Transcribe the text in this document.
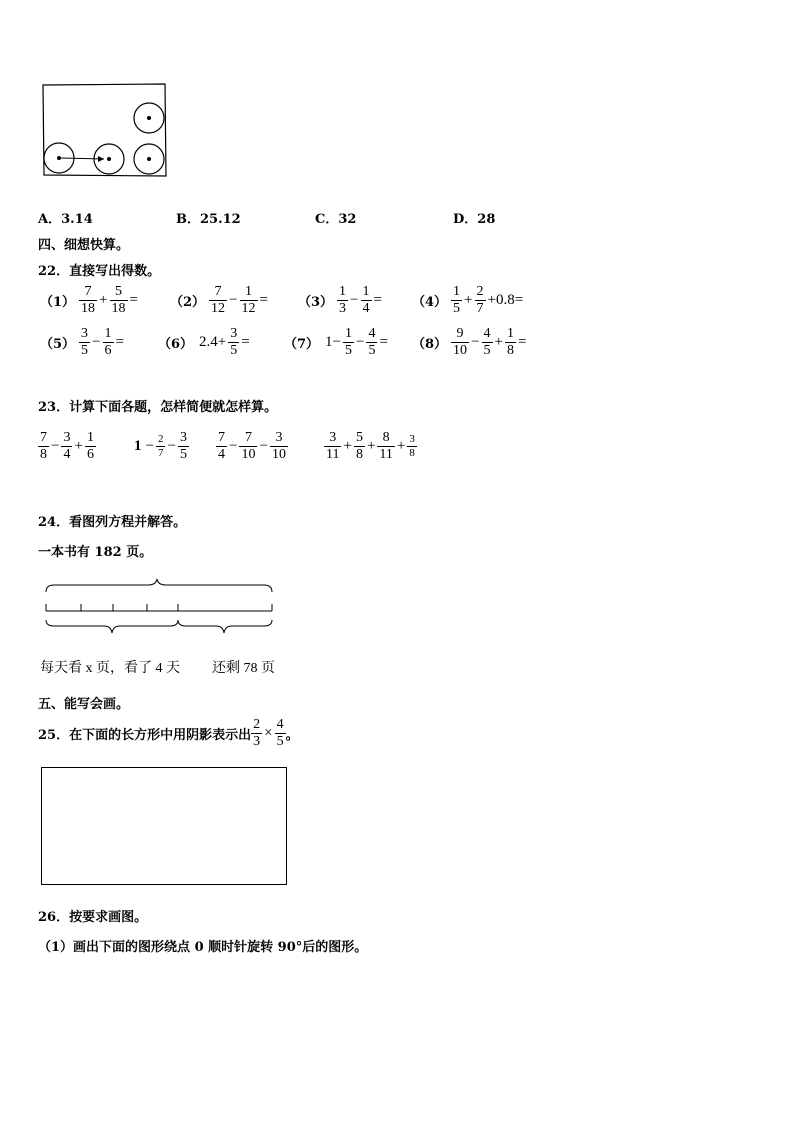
A．3.14	B．25.12	C．32	D．28
四、细想快算。
22．直接写出得数。
$(1) \frac{7}{18} + \frac{5}{18} = (2) \frac{7}{12} - \frac{1}{12} = (3) \frac{1}{3} - \frac{1}{4} = (4) \frac{1}{5} + \frac{2}{7} +0.8=$
$(5) \frac{3}{5} - \frac{1}{6}$ =	（6） $2.4+ \frac{3}{5}$ =	（7） $1- \frac{1}{5} - \frac{4}{5} = (8) \frac{9}{10} - \frac{4}{5} + \frac{1}{8}$ =
23．计算下面各题，怎样简便就怎样算。
$\frac{7}{8} - \frac{3}{4} + \frac{1}{6}$	$1 - \frac{2}{7} - \frac{3}{5} \frac{7}{4} - \frac{7}{10} - \frac{3}{10}$	$\frac{3}{11} + \frac{5}{8} + \frac{8}{11} + \frac{3}{8}$
24．看图列方程并解答。
一本书有 182 页。
每天看 x 页，看了 4 天 还剩 78 页
五、能写会画。
25．在下面的长方形中用阴影表示出 $\frac{2}{3} \times \frac{4}{5}$ 。
26．按要求画图。
（1）画出下面的图形绕点 0 顺时针旋转 90°后的图形。
